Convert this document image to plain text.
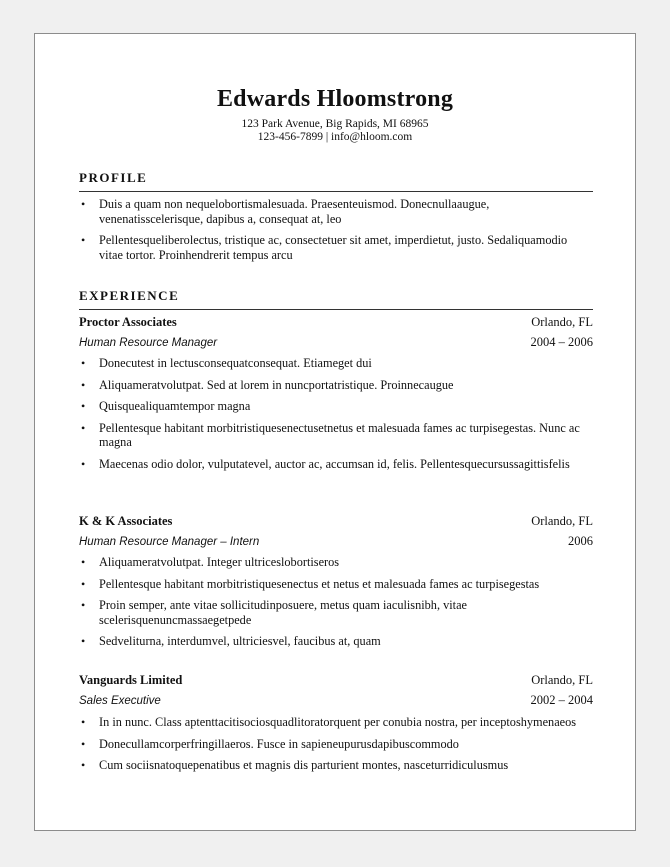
Edwards Hloomstrong
123 Park Avenue, Big Rapids, MI 68965
123-456-7899 | info@hloom.com
PROFILE
• Duis a quam non nequelobortismalesuada. Praesenteuismod. Donecnullaaugue, venenatisscelerisque, dapibus a, consequat at, leo
• Pellentesqueliberolectus, tristique ac, consectetuer sit amet, imperdietut, justo. Sedaliquamodio vitae tortor. Proinhendrerit tempus arcu
EXPERIENCE
Proctor Associates	Orlando, FL
Human Resource Manager	2004 – 2006
• Donecutest in lectusconsequatconsequat. Etiameget dui
• Aliquameratvolutpat. Sed at lorem in nuncportatristique. Proinnecaugue
• Quisquealiquamtempor magna
• Pellentesque habitant morbitristiquesenectusetnetus et malesuada fames ac turpisegestas. Nunc ac magna
• Maecenas odio dolor, vulputatevel, auctor ac, accumsan id, felis. Pellentesquecursussagittisfelis
K & K Associates	Orlando, FL
Human Resource Manager – Intern	2006
• Aliquameratvolutpat. Integer ultriceslobortiseros
• Pellentesque habitant morbitristiquesenectus et netus et malesuada fames ac turpisegestas
• Proin semper, ante vitae sollicitudinposuere, metus quam iaculisnibh, vitae scelerisquenuncmassaegetpede
• Sedveliturna, interdumvel, ultriciesvel, faucibus at, quam
Vanguards Limited	Orlando, FL
Sales Executive	2002 – 2004
• In in nunc. Class aptenttacitisociosquadlitoratorquent per conubia nostra, per inceptoshymenaeos
• Donecullamcorperfringillaeros. Fusce in sapieneupurusdapibuscommodo
• Cum sociisnatoquepenatibus et magnis dis parturient montes, nasceturridiculusmus
